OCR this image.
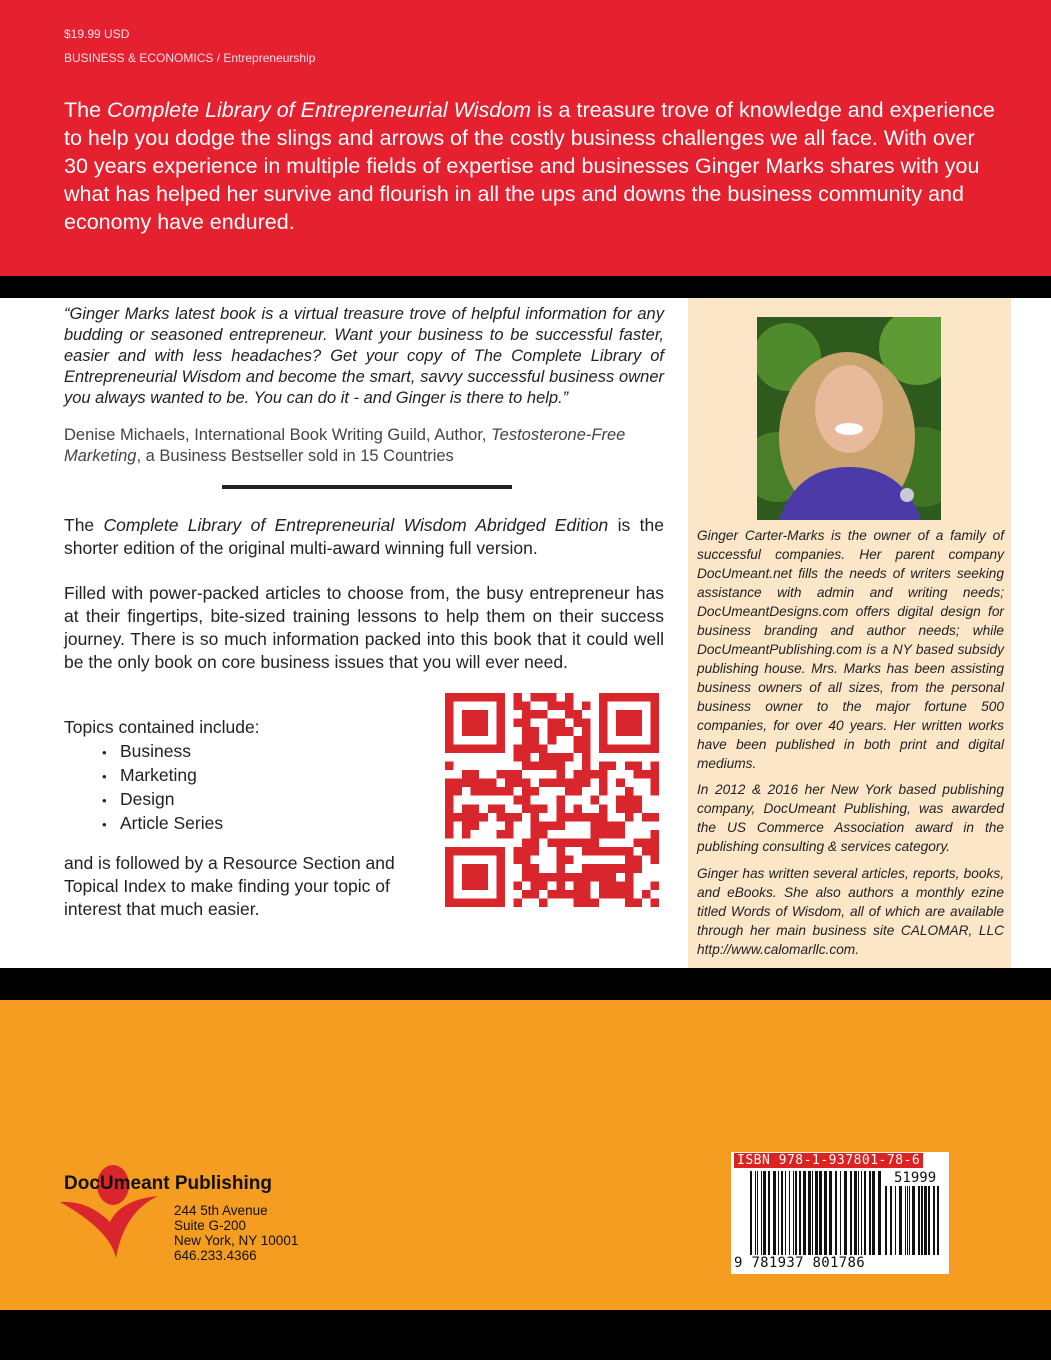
$19.99 USD
BUSINESS & ECONOMICS / Entrepreneurship

The Complete Library of Entrepreneurial Wisdom is a treasure trove of knowledge and experience to help you dodge the slings and arrows of the costly business challenges we all face. With over 30 years experience in multiple fields of expertise and businesses Ginger Marks shares with you what has helped her survive and flourish in all the ups and downs the business community and economy have endured.

“Ginger Marks latest book is a virtual treasure trove of helpful information for any budding or seasoned entrepreneur. Want your business to be successful faster, easier and with less headaches? Get your copy of The Complete Library of Entrepreneurial Wisdom and become the smart, savvy successful business owner you always wanted to be. You can do it - and Ginger is there to help.”

Denise Michaels, International Book Writing Guild, Author, Testosterone-Free Marketing, a Business Bestseller sold in 15 Countries

The Complete Library of Entrepreneurial Wisdom Abridged Edition is the shorter edition of the original multi-award winning full version.

Filled with power-packed articles to choose from, the busy entrepreneur has at their fingertips, bite-sized training lessons to help them on their success journey. There is so much information packed into this book that it could well be the only book on core business issues that you will ever need.

Topics contained include:

• Business
• Marketing
• Design
• Article Series

and is followed by a Resource Section and Topical Index to make finding your topic of interest that much easier.

Ginger Carter-Marks is the owner of a family of successful companies. Her parent company DocUmeant.net fills the needs of writers seeking assistance with admin and writing needs; DocUmeantDesigns.com offers digital design for business branding and author needs; while DocUmeantPublishing.com is a NY based subsidy publishing house. Mrs. Marks has been assisting business owners of all sizes, from the personal business owner to the major fortune 500 companies, for over 40 years. Her written works have been published in both print and digital mediums.

In 2012 & 2016 her New York based publishing company, DocUmeant Publishing, was awarded the US Commerce Association award in the publishing consulting & services category.

Ginger has written several articles, reports, books, and eBooks. She also authors a monthly ezine titled Words of Wisdom, all of which are available through her main business site CALOMAR, LLC http://www.calomarllc.com.

DocUmeant Publishing

244 5th Avenue
Suite G-200
New York, NY 10001
646.233.4366

ISBN 978-1-937801-78-6
51999
9 781937 801786
